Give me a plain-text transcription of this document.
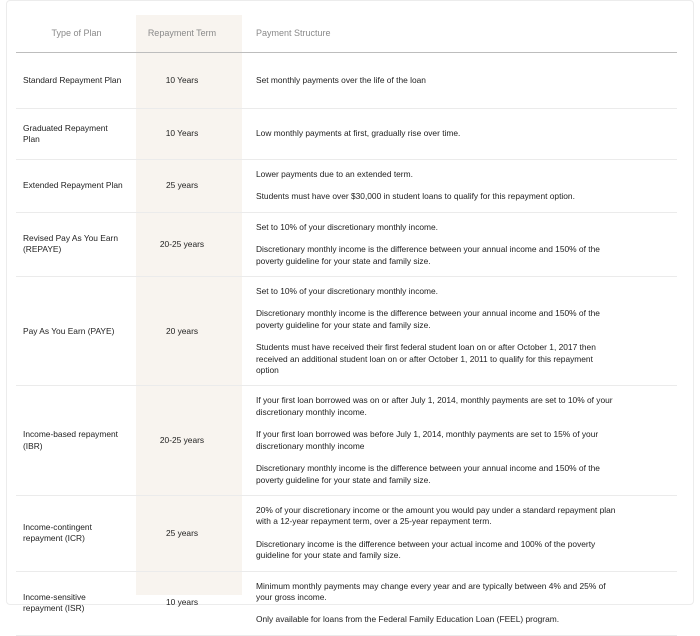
Type of Plan	Repayment Term	Payment Structure
Standard Repayment Plan	10 Years	Set monthly payments over the life of the loan

Graduated Repayment Plan	10 Years	Low monthly payments at first, gradually rise over time.

Extended Repayment Plan	25 years	Lower payments due to an extended term.

Students must have over $30,000 in student loans to qualify for this repayment option.

Revised Pay As You Earn (REPAYE)	20-25 years	Set to 10% of your discretionary monthly income.

Discretionary monthly income is the difference between your annual income and 150% of the poverty guideline for your state and family size.

Pay As You Earn (PAYE)	20 years	Set to 10% of your discretionary monthly income.

Discretionary monthly income is the difference between your annual income and 150% of the poverty guideline for your state and family size.

Students must have received their first federal student loan on or after October 1, 2017 then received an additional student loan on or after October 1, 2011 to qualify for this repayment option

Income-based repayment (IBR)	20-25 years	If your first loan borrowed was on or after July 1, 2014, monthly payments are set to 10% of your discretionary monthly income.

If your first loan borrowed was before July 1, 2014, monthly payments are set to 15% of your discretionary monthly income

Discretionary monthly income is the difference between your annual income and 150% of the poverty guideline for your state and family size.

Income-contingent repayment (ICR)	25 years	20% of your discretionary income or the amount you would pay under a standard repayment plan with a 12-year repayment term, over a 25-year repayment term.

Discretionary income is the difference between your actual income and 100% of the poverty guideline for your state and family size.

Income-sensitive repayment (ISR)	10 years	Minimum monthly payments may change every year and are typically between 4% and 25% of your gross income.

Only available for loans from the Federal Family Education Loan (FEEL) program.
